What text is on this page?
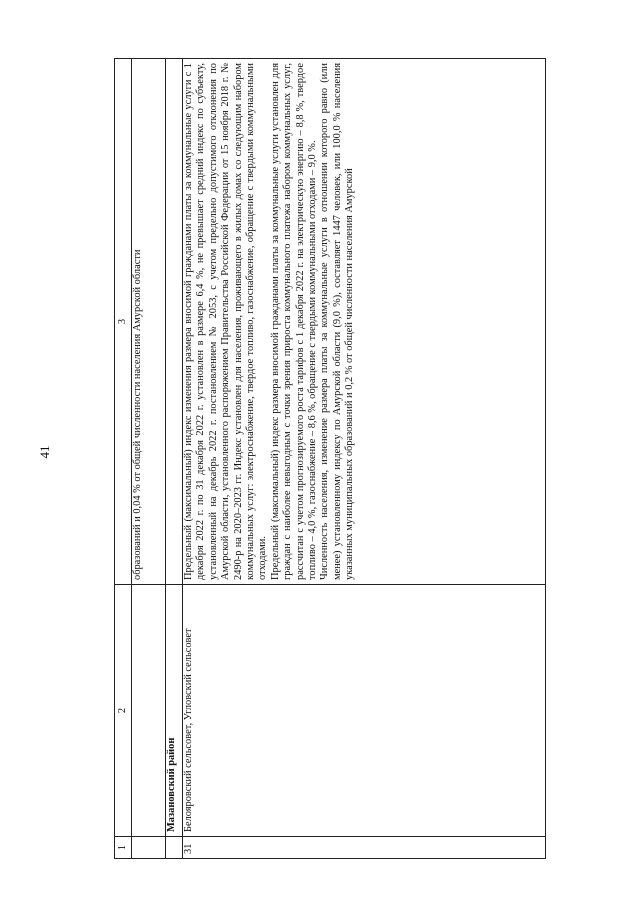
41
1	2	3
		образований и 0,04 % от общей численности населения Амурской области
	Мазановский район	
31	Белояровский сельсовет, Угловский сельсовет	Предельный (максимальный) индекс изменения размера вносимой гражданами платы за коммунальные услуги с 1 декабря 2022 г. по 31 декабря 2022 г. установлен в размере 6,4 %, не превышает средний индекс по субъекту, установленный на декабрь 2022 г. постановлением № 2053, с учетом предельно допустимого отклонения по Амурской области, установленного распоряжением Правительства Российской Федерации от 15 ноября 2018 г. № 2490-р на 2020–2023 гг. Индекс установлен для населения, проживающего в жилых домах со следующим набором коммунальных услуг: электроснабжение, твердое топливо, газоснабжение, обращение с твердыми коммунальными отходами. Предельный (максимальный) индекс размера вносимой гражданами платы за коммунальные услуги установлен для граждан с наиболее невыгодным с точки зрения прироста коммунального платежа набором коммунальных услуг, рассчитан с учетом прогнозируемого роста тарифов с 1 декабря 2022 г. на электрическую энергию – 8,8 %, твердое топливо – 4,0 %, газоснабжение – 8,6 %, обращение с твердыми коммунальными отходами – 9,0 %. Численность населения, изменение размера платы за коммунальные услуги в отношении которого равно (или менее) установленному индексу по Амурской области (9,0 %), составляет 1447 человек, или 100,0 % населения указанных муниципальных образований и 0,2 % от общей численности населения Амурской
